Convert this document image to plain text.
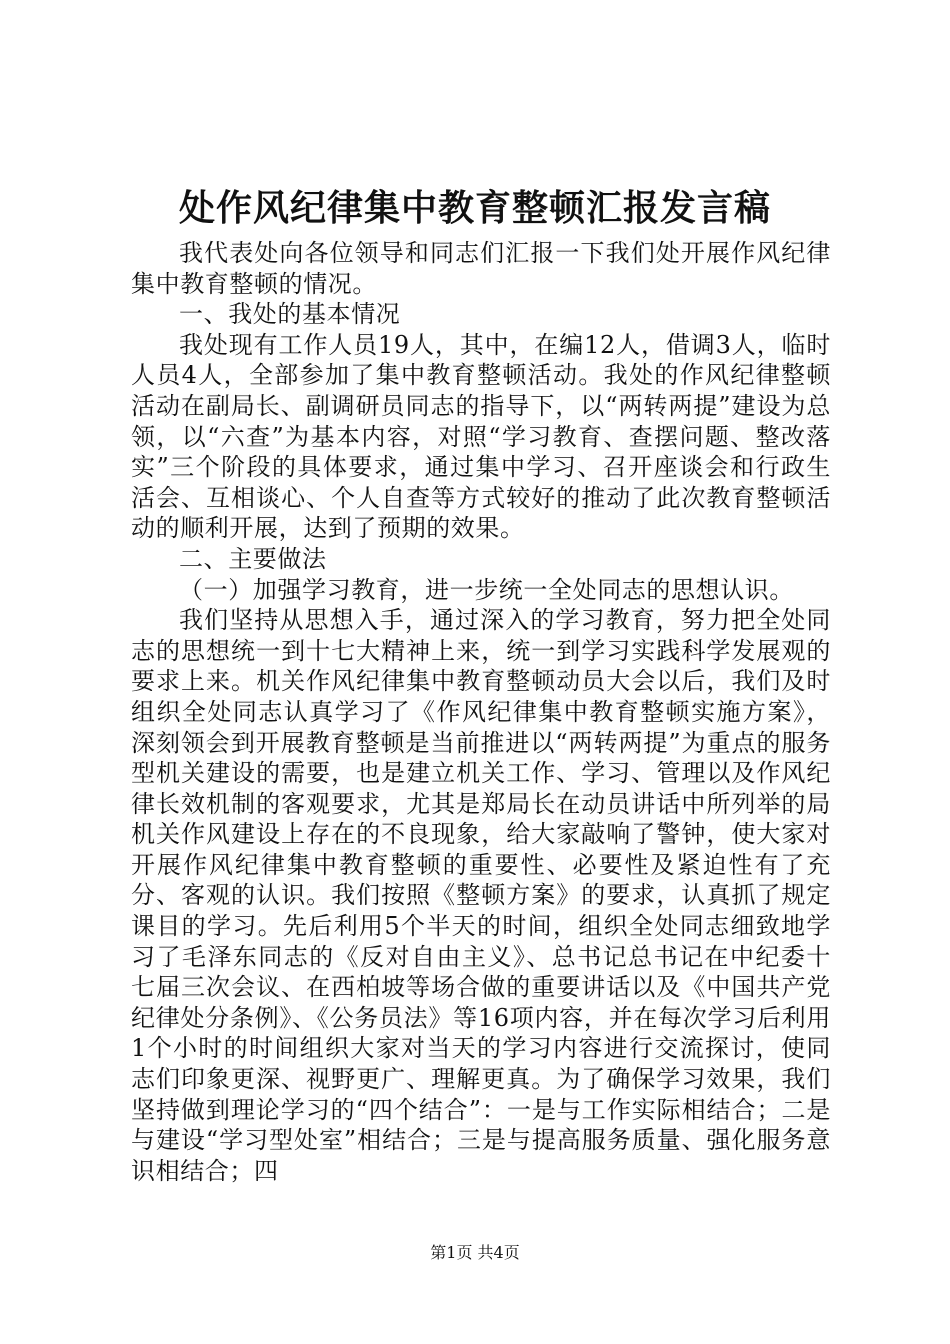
处作风纪律集中教育整顿汇报发言稿

我代表处向各位领导和同志们汇报一下我们处开展作风纪律集中教育整顿的情况。

一、我处的基本情况

我处现有工作人员19人，其中，在编12人，借调3人，临时人员4人，全部参加了集中教育整顿活动。我处的作风纪律整顿活动在副局长、副调研员同志的指导下，以“两转两提”建设为总领，以“六查”为基本内容，对照“学习教育、查摆问题、整改落实”三个阶段的具体要求，通过集中学习、召开座谈会和行政生活会、互相谈心、个人自查等方式较好的推动了此次教育整顿活动的顺利开展，达到了预期的效果。

二、主要做法

（一）加强学习教育，进一步统一全处同志的思想认识。

我们坚持从思想入手，通过深入的学习教育，努力把全处同志的思想统一到十七大精神上来，统一到学习实践科学发展观的要求上来。机关作风纪律集中教育整顿动员大会以后，我们及时组织全处同志认真学习了《作风纪律集中教育整顿实施方案》，深刻领会到开展教育整顿是当前推进以“两转两提”为重点的服务型机关建设的需要，也是建立机关工作、学习、管理以及作风纪律长效机制的客观要求，尤其是郑局长在动员讲话中所列举的局机关作风建设上存在的不良现象，给大家敲响了警钟，使大家对开展作风纪律集中教育整顿的重要性、必要性及紧迫性有了充分、客观的认识。我们按照《整顿方案》的要求，认真抓了规定课目的学习。先后利用5个半天的时间，组织全处同志细致地学习了毛泽东同志的《反对自由主义》、总书记总书记在中纪委十七届三次会议、在西柏坡等场合做的重要讲话以及《中国共产党纪律处分条例》、《公务员法》等16项内容，并在每次学习后利用1个小时的时间组织大家对当天的学习内容进行交流探讨，使同志们印象更深、视野更广、理解更真。为了确保学习效果，我们坚持做到理论学习的“四个结合”：一是与工作实际相结合；二是与建设“学习型处室”相结合；三是与提高服务质量、强化服务意识相结合；四

第1页 共4页
